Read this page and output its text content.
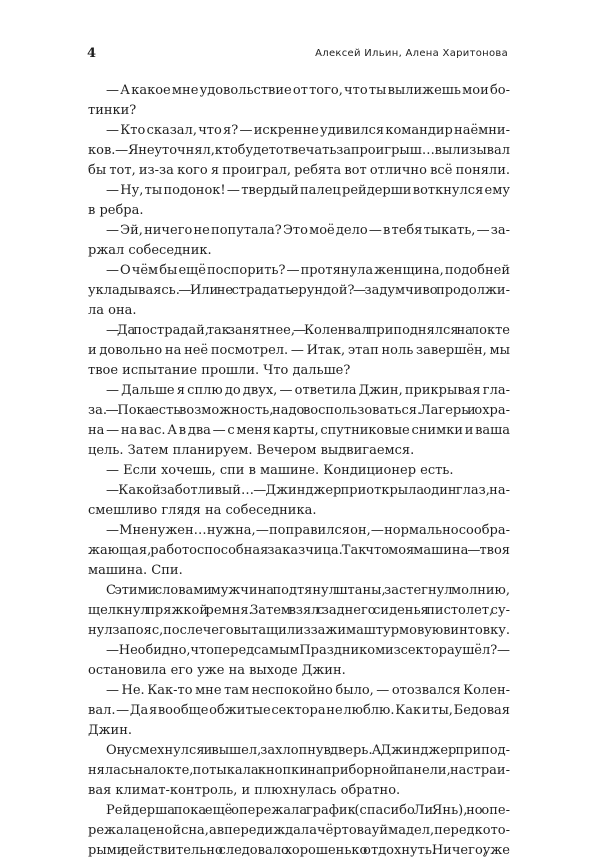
4	Алексей Ильин, Алена Харитонова
— А какое мне удовольствие от того, что ты вылижешь мои бо-
тинки?
— Кто сказал, что я? — искренне удивился командир наёмни-
ков. — Я не уточнял, кто будет отвечать за проигрыш… вылизывал
бы тот, из-за кого я проиграл, ребята вот отлично всё поняли.
— Ну, ты подонок! — твердый палец рейдерши воткнулся ему
в ребра.
— Эй, ничего не попутала? Это моё дело — в тебя тыкать, — за-
ржал собеседник.
— О чём бы ещё поспорить? — протянула женщина, подобней
укладываясь. — Или не страдать ерундой? — задумчиво продолжи-
ла она.
— Да пострадай, так занятнее, — Коленвал приподнялся на локте
и довольно на неё посмотрел. — Итак, этап ноль завершён, мы
твое испытание прошли. Что дальше?
— Дальше я сплю до двух, — ответила Джин, прикрывая гла-
за. — Пока есть возможность, надо воспользоваться. Лагерь и охра-
на — на вас. А в два — с меня карты, спутниковые снимки и ваша
цель. Затем планируем. Вечером выдвигаемся.
— Если хочешь, спи в машине. Кондиционер есть.
— Какой заботливый… — Джинджер приоткрыла один глаз, на-
смешливо глядя на собеседника.
— Мне нужен… нужна, — поправился он, — нормально сообра-
жающая, работоспособная заказчица. Так что моя машина — твоя
машина. Спи.
С этими словами мужчина подтянул штаны, застегнул молнию,
щелкнул пряжкой ремня. Затем взял с заднего сиденья пистолет, су-
нул за пояс, после чего вытащил из зажима штурмовую винтовку.
— Не обидно, что перед самым Праздником из сектора ушёл? —
остановила его уже на выходе Джин.
— Не. Как-то мне там неспокойно было, — отозвался Колен-
вал. — Да я вообще обжитые сектора не люблю. Как и ты, Бедовая
Джин.
Он усмехнулся и вышел, захлопнув дверь. А Джинджер припод-
нялась на локте, потыкала кнопки на приборной панели, настраи-
вая климат-контроль, и плюхнулась обратно.
Рейдерша пока ещё опережала график (спасибо Ли Янь), но опе-
режала ценой сна, а впереди ждала чёртова уйма дел, перед кото-
рыми действительно следовало хорошенько отдохнуть. Ничего, уже
